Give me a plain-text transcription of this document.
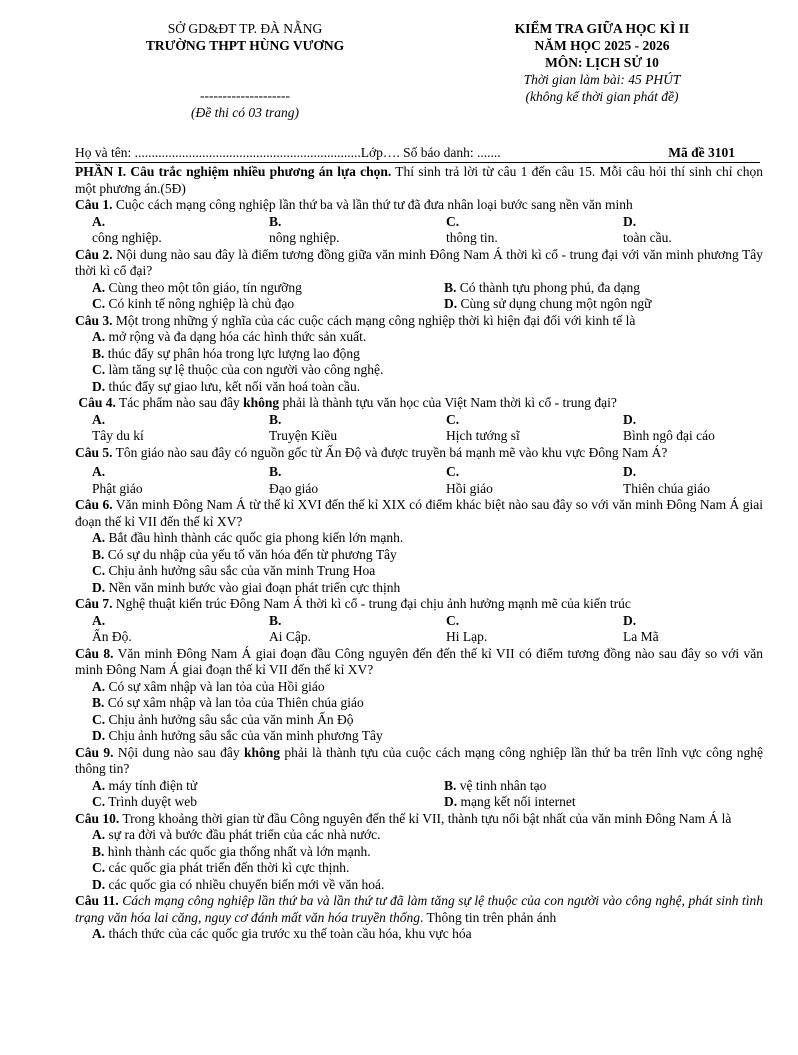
SỞ GD&ĐT TP. ĐÀ NẴNG
TRƯỜNG THPT HÙNG VƯƠNG
--------------------
(Đề thi có 03 trang)
KIỂM TRA GIỮA HỌC KÌ II
NĂM HỌC 2025 - 2026
MÔN: LỊCH SỬ 10
Thời gian làm bài: 45 PHÚT
(không kể thời gian phát đề)
Họ và tên: ...................................................................Lớp…. Số báo danh: .......	Mã đề 3101

PHẦN I. Câu trắc nghiệm nhiều phương án lựa chọn. Thí sinh trả lời từ câu 1 đến câu 15. Mỗi câu hỏi thí sinh chỉ chọn một phương án.(5Đ)

Câu 1. Cuộc cách mạng công nghiệp lần thứ ba và lần thứ tư đã đưa nhân loại bước sang nền văn minh

A.
công nghiệp.
B.
nông nghiệp.
C.
thông tin.
D.
toàn cầu.

Câu 2. Nội dung nào sau đây là điểm tương đồng giữa văn minh Đông Nam Á thời kì cổ - trung đại với văn minh phương Tây thời kì cổ đại?

A. Cùng theo một tôn giáo, tín ngưỡng	B. Có thành tựu phong phú, đa dạng
C. Có kinh tế nông nghiệp là chủ đạo	D. Cùng sử dụng chung một ngôn ngữ

Câu 3. Một trong những ý nghĩa của các cuộc cách mạng công nghiệp thời kì hiện đại đối với kinh tế là

A. mở rộng và đa dạng hóa các hình thức sản xuất.
B. thúc đẩy sự phân hóa trong lực lượng lao động
C. làm tăng sự lệ thuộc của con người vào công nghệ.
D. thúc đẩy sự giao lưu, kết nối văn hoá toàn cầu.

Câu 4. Tác phẩm nào sau đây không phải là thành tựu văn học của Việt Nam thời kì cổ - trung đại?

A.
Tây du kí
B.
Truyện Kiều
C.
Hịch tướng sĩ
D.
Bình ngô đại cáo

Câu 5. Tôn giáo nào sau đây có nguồn gốc từ Ấn Độ và được truyền bá mạnh mẽ vào khu vực Đông Nam Á?

A.
Phật giáo
B.
Đạo giáo
C.
Hồi giáo
D.
Thiên chúa giáo

Câu 6. Văn minh Đông Nam Á từ thế kỉ XVI đến thế kỉ XIX có điểm khác biệt nào sau đây so với văn minh Đông Nam Á giai đoạn thế kỉ VII đến thế kỉ XV?

A. Bắt đầu hình thành các quốc gia phong kiến lớn mạnh.
B. Có sự du nhập của yếu tố văn hóa đến từ phương Tây
C. Chịu ảnh hưởng sâu sắc của văn minh Trung Hoa
D. Nền văn minh bước vào giai đoạn phát triển cực thịnh

Câu 7. Nghệ thuật kiến trúc Đông Nam Á thời kì cổ - trung đại chịu ảnh hưởng mạnh mẽ của kiến trúc

A.
Ấn Độ.
B.
Ai Cập.
C.
Hi Lạp.
D.
La Mã

Câu 8. Văn minh Đông Nam Á giai đoạn đầu Công nguyên đến đến thế kỉ VII có điểm tương đồng nào sau đây so với văn minh Đông Nam Á giai đoạn thế kỉ VII đến thế kỉ XV?

A. Có sự xâm nhập và lan tỏa của Hồi giáo
B. Có sự xâm nhập và lan tỏa của Thiên chúa giáo
C. Chịu ảnh hưởng sâu sắc của văn minh Ấn Độ
D. Chịu ảnh hưởng sâu sắc của văn minh phương Tây

Câu 9. Nội dung nào sau đây không phải là thành tựu của cuộc cách mạng công nghiệp lần thứ ba trên lĩnh vực công nghệ thông tin?

A. máy tính điện tử	B. vệ tinh nhân tạo
C. Trình duyệt web	D. mạng kết nối internet

Câu 10. Trong khoảng thời gian từ đầu Công nguyên đến thế kỉ VII, thành tựu nổi bật nhất của văn minh Đông Nam Á là

A. sự ra đời và bước đầu phát triển của các nhà nước.
B. hình thành các quốc gia thống nhất và lớn mạnh.
C. các quốc gia phát triển đến thời kì cực thịnh.
D. các quốc gia có nhiều chuyển biến mới về văn hoá.

Câu 11. Cách mạng công nghiệp lần thứ ba và lần thứ tư đã làm tăng sự lệ thuộc của con người vào công nghệ, phát sinh tình trạng văn hóa lai căng, nguy cơ đánh mất văn hóa truyền thống. Thông tin trên phản ánh

A. thách thức của các quốc gia trước xu thế toàn cầu hóa, khu vực hóa
